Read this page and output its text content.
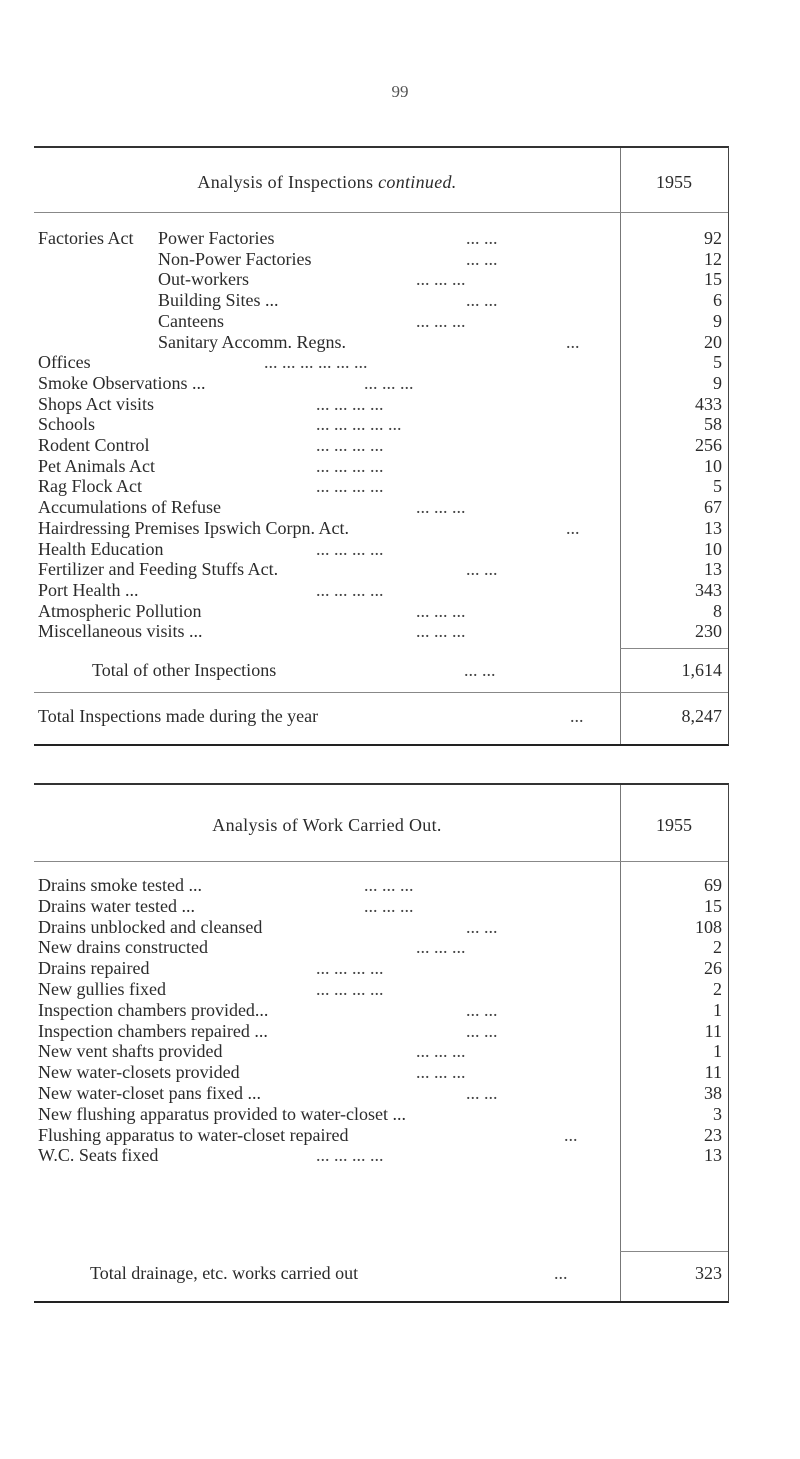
99
Analysis of Inspections continued.	1955
Factories Act Power Factories	... ...	92
Non-Power Factories	... ...	12
Out-workers	... ... ...	15
Building Sites ...	... ...	6
Canteens	... ... ...	9
Sanitary Accomm. Regns.	...	20
Offices	... ... ... ... ... ...	5
Smoke Observations ...	... ... ...	9
Shops Act visits	... ... ... ...	433
Schools	... ... ... ... ...	58
Rodent Control	... ... ... ...	256
Pet Animals Act	... ... ... ...	10
Rag Flock Act	... ... ... ...	5
Accumulations of Refuse	... ... ...	67
Hairdressing Premises Ipswich Corpn. Act.	...	13
Health Education	... ... ... ...	10
Fertilizer and Feeding Stuffs Act.	... ...	13
Port Health ...	... ... ... ...	343
Atmospheric Pollution	... ... ...	8
Miscellaneous visits ...	... ... ...	230
Total of other Inspections	... ...	1,614
Total Inspections made during the year	...	8,247
Analysis of Work Carried Out.	1955
Drains smoke tested ...	... ... ...	69
Drains water tested ...	... ... ...	15
Drains unblocked and cleansed	... ...	108
New drains constructed	... ... ...	2
Drains repaired	... ... ... ...	26
New gullies fixed	... ... ... ...	2
Inspection chambers provided...	... ...	1
Inspection chambers repaired ...	... ...	11
New vent shafts provided	... ... ...	1
New water-closets provided	... ... ...	11
New water-closet pans fixed ...	... ...	38
New flushing apparatus provided to water-closet ...	3
Flushing apparatus to water-closet repaired	...	23
W.C. Seats fixed	... ... ... ...	13
Total drainage, etc. works carried out	...	323
